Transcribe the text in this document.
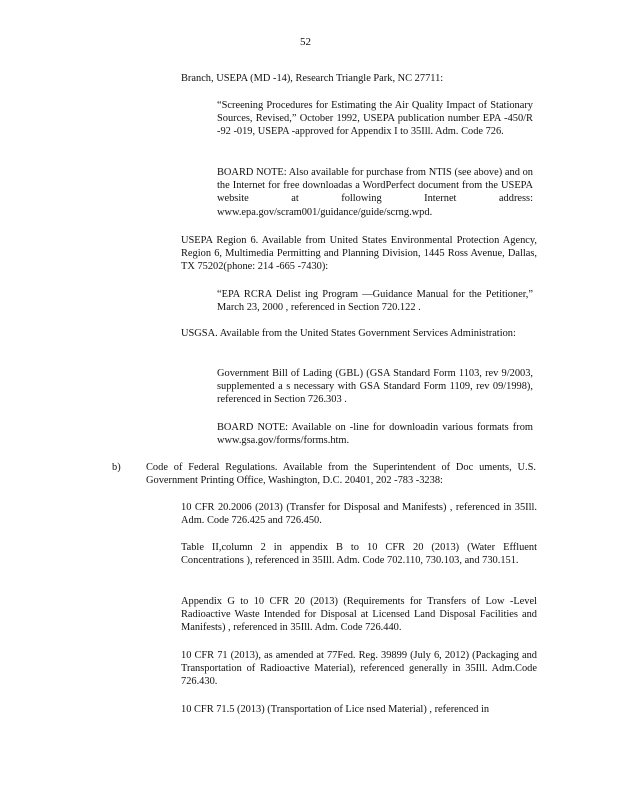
52

Branch, USEPA (MD -14), Research Triangle Park, NC 27711:

“Screening Procedures for Estimating the Air Quality Impact of Stationary Sources, Revised,” October 1992, USEPA publication number EPA -450/R -92 -019, USEPA -approved for Appendix I to 35Ill. Adm. Code 726.

BOARD NOTE: Also available for purchase from NTIS (see above) and on the Internet for free downloadas a WordPerfect document from the USEPA website at following Internet address: www.epa.gov/scram001/guidance/guide/scrng.wpd.

USEPA Region 6. Available from United States Environmental Protection Agency, Region 6, Multimedia Permitting and Planning Division, 1445 Ross Avenue, Dallas, TX 75202(phone: 214 -665 -7430):

“EPA RCRA Delist ing Program —Guidance Manual for the Petitioner,” March 23, 2000 , referenced in Section 720.122 .

USGSA. Available from the United States Government Services Administration:

Government Bill of Lading (GBL) (GSA Standard Form 1103, rev 9/2003, supplemented a s necessary with GSA Standard Form 1109, rev 09/1998), referenced in Section 726.303 .

BOARD NOTE: Available on -line for downloadin various formats from www.gsa.gov/forms/forms.htm.

b) Code of Federal Regulations. Available from the Superintendent of Doc uments, U.S. Government Printing Office, Washington, D.C. 20401, 202 -783 -3238:

10 CFR 20.2006 (2013) (Transfer for Disposal and Manifests) , referenced in 35Ill. Adm. Code 726.425 and 726.450.

Table II,column 2 in appendix B to 10 CFR 20 (2013) (Water Effluent Concentrations ), referenced in 35Ill. Adm. Code 702.110, 730.103, and 730.151.

Appendix G to 10 CFR 20 (2013) (Requirements for Transfers of Low -Level Radioactive Waste Intended for Disposal at Licensed Land Disposal Facilities and Manifests) , referenced in 35Ill. Adm. Code 726.440.

10 CFR 71 (2013), as amended at 77Fed. Reg. 39899 (July 6, 2012) (Packaging and Transportation of Radioactive Material), referenced generally in 35Ill. Adm.Code 726.430.

10 CFR 71.5 (2013) (Transportation of Lice nsed Material) , referenced in
